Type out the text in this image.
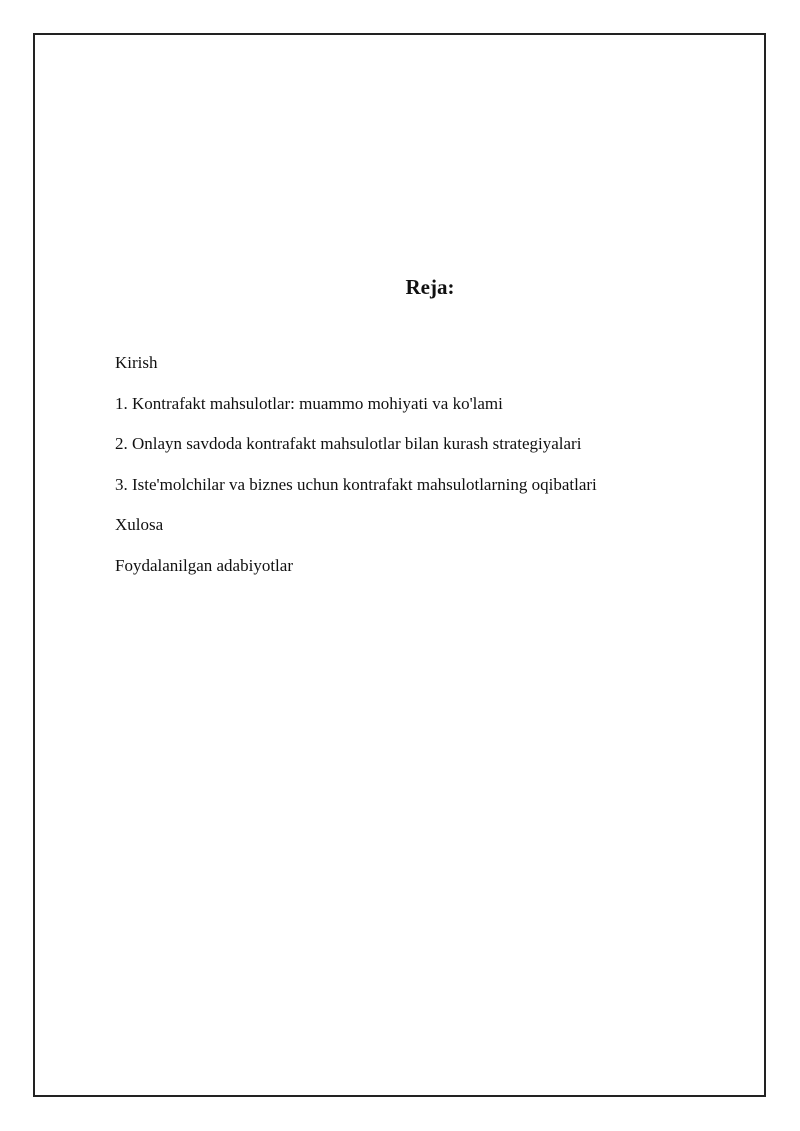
Reja:
Kirish
1. Kontrafakt mahsulotlar: muammo mohiyati va ko'lami
2. Onlayn savdoda kontrafakt mahsulotlar bilan kurash strategiyalari
3. Iste'molchilar va biznes uchun kontrafakt mahsulotlarning oqibatlari
Xulosa
Foydalanilgan adabiyotlar
